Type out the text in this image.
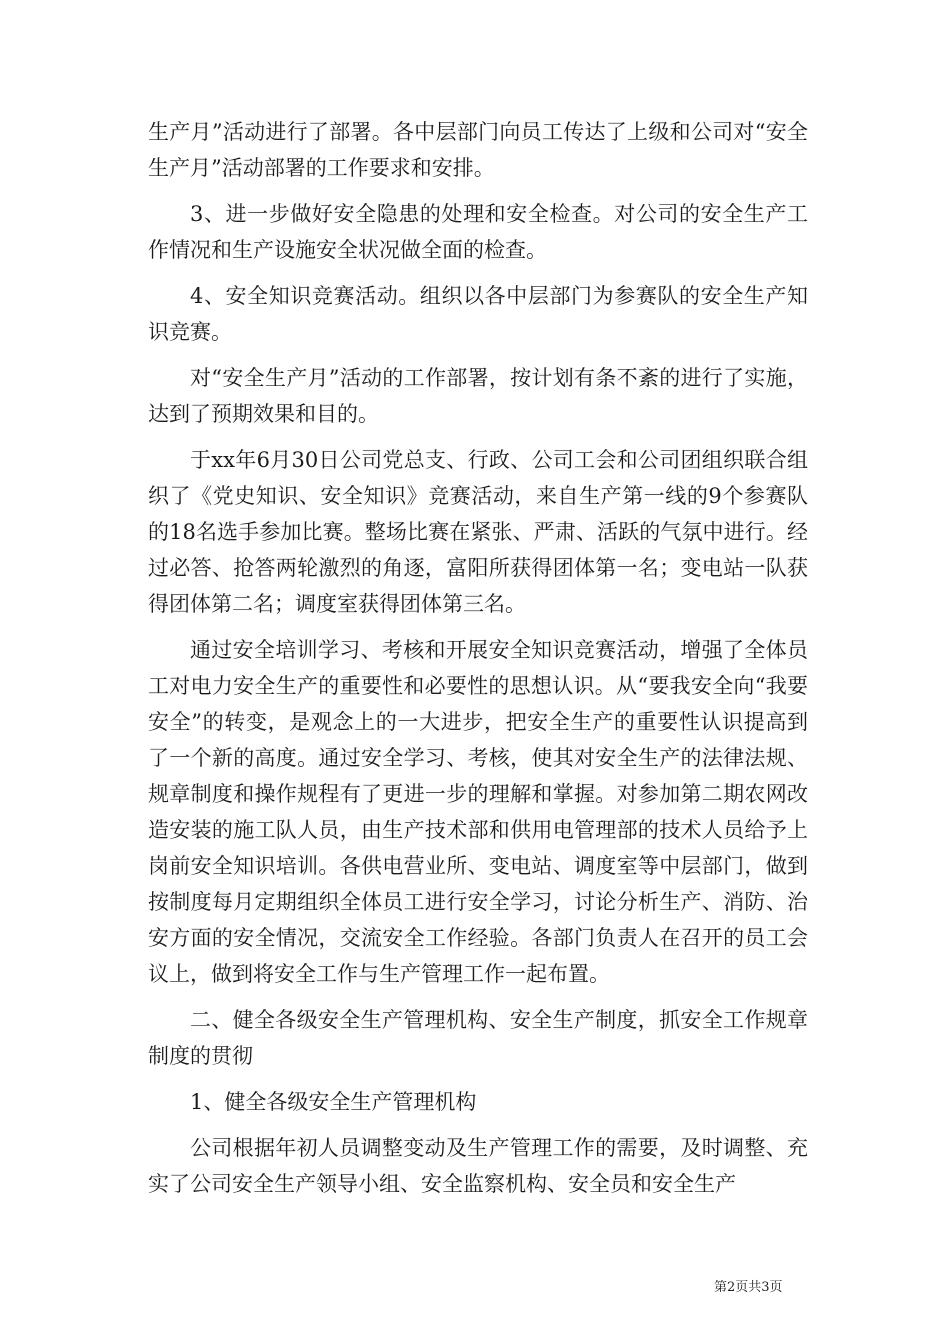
生产月”活动进行了部署。各中层部门向员工传达了上级和公司对“安全生产月”活动部署的工作要求和安排。

3、进一步做好安全隐患的处理和安全检查。对公司的安全生产工作情况和生产设施安全状况做全面的检查。

4、安全知识竞赛活动。组织以各中层部门为参赛队的安全生产知识竞赛。

对“安全生产月”活动的工作部署，按计划有条不紊的进行了实施，达到了预期效果和目的。

于xx年6月30日公司党总支、行政、公司工会和公司团组织联合组织了《党史知识、安全知识》竞赛活动，来自生产第一线的9个参赛队的18名选手参加比赛。整场比赛在紧张、严肃、活跃的气氛中进行。经过必答、抢答两轮激烈的角逐，富阳所获得团体第一名；变电站一队获得团体第二名；调度室获得团体第三名。

通过安全培训学习、考核和开展安全知识竞赛活动，增强了全体员工对电力安全生产的重要性和必要性的思想认识。从“要我安全向“我要安全”的转变，是观念上的一大进步，把安全生产的重要性认识提高到了一个新的高度。通过安全学习、考核，使其对安全生产的法律法规、规章制度和操作规程有了更进一步的理解和掌握。对参加第二期农网改造安装的施工队人员，由生产技术部和供用电管理部的技术人员给予上岗前安全知识培训。各供电营业所、变电站、调度室等中层部门，做到按制度每月定期组织全体员工进行安全学习，讨论分析生产、消防、治安方面的安全情况，交流安全工作经验。各部门负责人在召开的员工会议上，做到将安全工作与生产管理工作一起布置。

二、健全各级安全生产管理机构、安全生产制度，抓安全工作规章制度的贯彻

1、健全各级安全生产管理机构

公司根据年初人员调整变动及生产管理工作的需要，及时调整、充实了公司安全生产领导小组、安全监察机构、安全员和安全生产

第2页共3页
